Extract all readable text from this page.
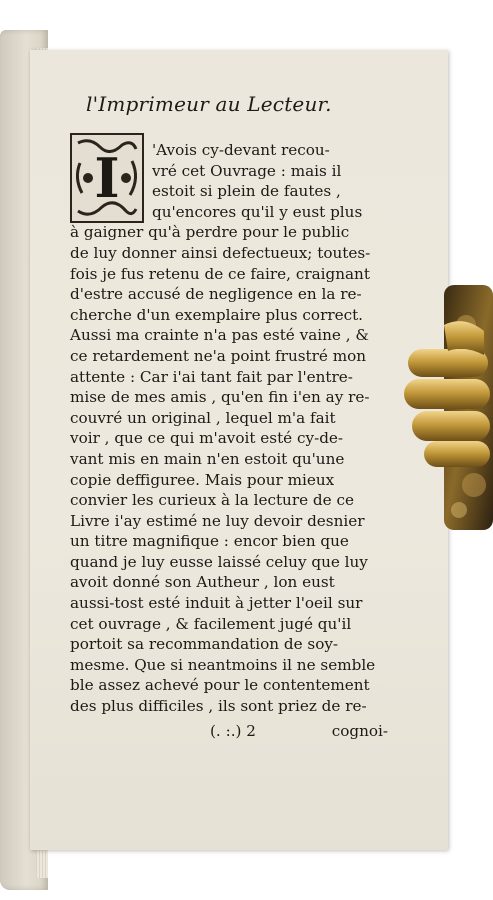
l'Imprimeur au Lecteur.
I	'Avois cy-devant recou-
vré cet Ouvrage : mais il
estoit si plein de fautes ,
qu'encores qu'il y eust plus
à gaigner qu'à perdre pour le public
de luy donner ainsi defectueux; toutes-
fois je fus retenu de ce faire, craignant
d'estre accusé de negligence en la re-
cherche d'un exemplaire plus correct.
Aussi ma crainte n'a pas esté vaine , &
ce retardement ne'a point frustré mon
attente : Car i'ai tant fait par l'entre-
mise de mes amis , qu'en fin i'en ay re-
couvré un original , lequel m'a fait
voir , que ce qui m'avoit esté cy-de-
vant mis en main n'en estoit qu'une
copie deffiguree. Mais pour mieux
convier les curieux à la lecture de ce
Livre i'ay estimé ne luy devoir desnier
un titre magnifique : encor bien que
quand je luy eusse laissé celuy que luy
avoit donné son Autheur , lon eust
aussi-tost esté induit à jetter l'oeil sur
cet ouvrage , & facilement jugé qu'il
portoit sa recommandation de soy-
mesme. Que si neantmoins il ne semble
ble assez achevé pour le contentement
des plus difficiles , ils sont priez de re-
(. :.) 2	cognoi-
